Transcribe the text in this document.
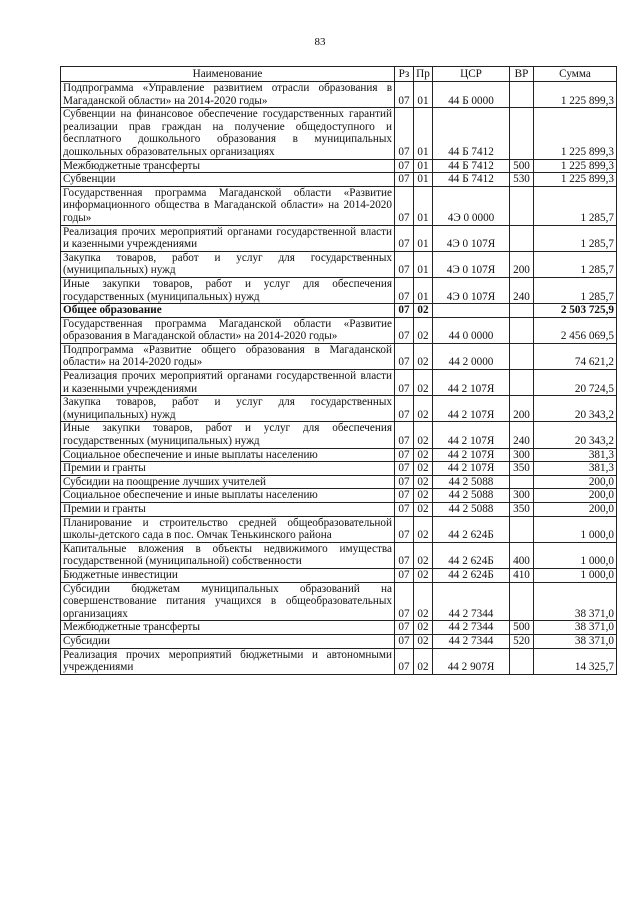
83
Наименование	Рз	Пр	ЦСР	ВР	Сумма
Подпрограмма «Управление развитием отрасли образования в Магаданской области» на 2014-2020 годы»	07	01	44 Б 0000		1 225 899,3
Субвенции на финансовое обеспечение государственных гарантий реализации прав граждан на получение общедоступного и бесплатного дошкольного образования в муниципальных дошкольных образовательных организациях	07	01	44 Б 7412		1 225 899,3
Межбюджетные трансферты	07	01	44 Б 7412	500	1 225 899,3
Субвенции	07	01	44 Б 7412	530	1 225 899,3
Государственная программа Магаданской области «Развитие информационного общества в Магаданской области» на 2014-2020 годы»	07	01	4Э 0 0000		1 285,7
Реализация прочих мероприятий органами государственной власти и казенными учреждениями	07	01	4Э 0 107Я		1 285,7
Закупка товаров, работ и услуг для государственных (муниципальных) нужд	07	01	4Э 0 107Я	200	1 285,7
Иные закупки товаров, работ и услуг для обеспечения государственных (муниципальных) нужд	07	01	4Э 0 107Я	240	1 285,7
Общее образование	07	02			2 503 725,9
Государственная программа Магаданской области «Развитие образования в Магаданской области» на 2014-2020 годы»	07	02	44 0 0000		2 456 069,5
Подпрограмма «Развитие общего образования в Магаданской области» на 2014-2020 годы»	07	02	44 2 0000		74 621,2
Реализация прочих мероприятий органами государственной власти и казенными учреждениями	07	02	44 2 107Я		20 724,5
Закупка товаров, работ и услуг для государственных (муниципальных) нужд	07	02	44 2 107Я	200	20 343,2
Иные закупки товаров, работ и услуг для обеспечения государственных (муниципальных) нужд	07	02	44 2 107Я	240	20 343,2
Социальное обеспечение и иные выплаты населению	07	02	44 2 107Я	300	381,3
Премии и гранты	07	02	44 2 107Я	350	381,3
Субсидии на поощрение лучших учителей	07	02	44 2 5088		200,0
Социальное обеспечение и иные выплаты населению	07	02	44 2 5088	300	200,0
Премии и гранты	07	02	44 2 5088	350	200,0
Планирование и строительство средней общеобразовательной школы-детского сада в пос. Омчак Тенькинского района	07	02	44 2 624Б		1 000,0
Капитальные вложения в объекты недвижимого имущества государственной (муниципальной) собственности	07	02	44 2 624Б	400	1 000,0
Бюджетные инвестиции	07	02	44 2 624Б	410	1 000,0
Субсидии бюджетам муниципальных образований на совершенствование питания учащихся в общеобразовательных организациях	07	02	44 2 7344		38 371,0
Межбюджетные трансферты	07	02	44 2 7344	500	38 371,0
Субсидии	07	02	44 2 7344	520	38 371,0
Реализация прочих мероприятий бюджетными и автономными учреждениями	07	02	44 2 907Я		14 325,7
